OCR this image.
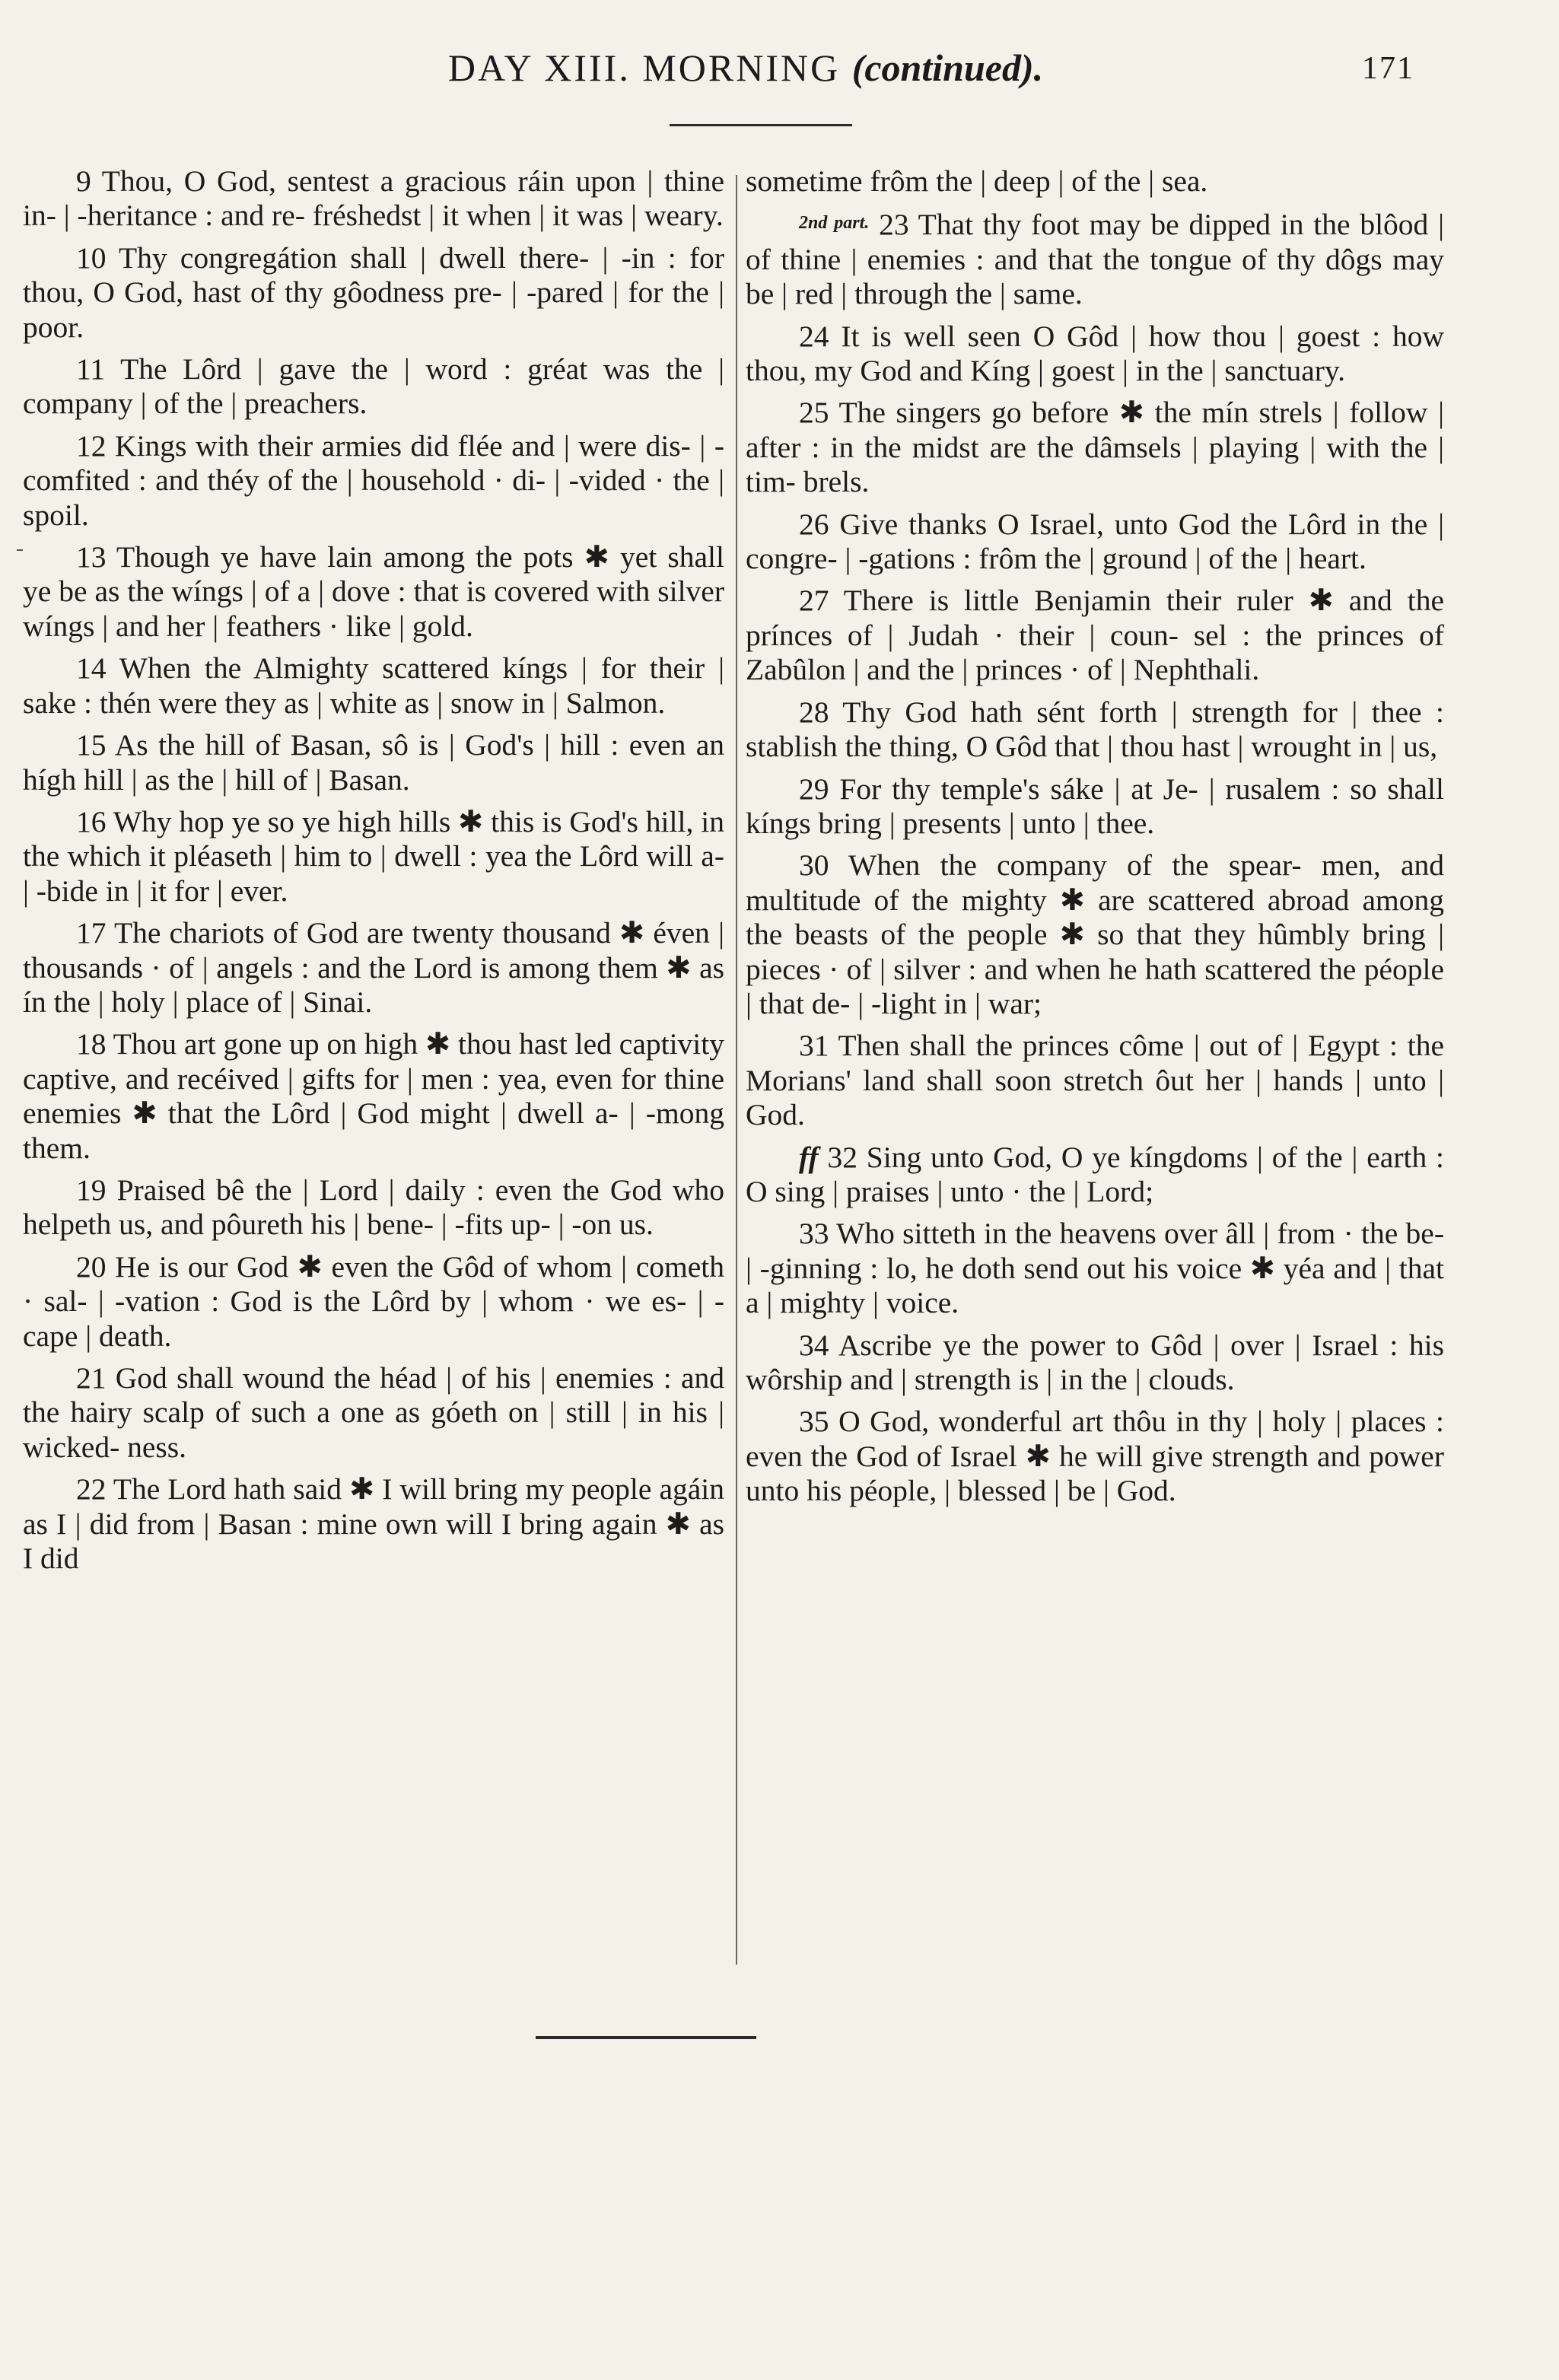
DAY XIII. MORNING (continued).	171

9 Thou, O God, sentest a gracious ráin upon | thine in- | -heritance : and re- fréshedst | it when | it was | weary.

10 Thy congregátion shall | dwell there- | -in : for thou, O God, hast of thy gôodness pre- | -pared | for the | poor.

11 The Lôrd | gave the | word : gréat was the | company | of the | preachers.

12 Kings with their armies did flée and | were dis- | -comfited : and théy of the | household · di- | -vided · the | spoil.

13 Though ye have lain among the pots ✱ yet shall ye be as the wíngs | of a | dove : that is covered with silver wíngs | and her | feathers · like | gold.

14 When the Almighty scattered kíngs | for their | sake : thén were they as | white as | snow in | Salmon.

15 As the hill of Basan, sô is | God's | hill : even an hígh hill | as the | hill of | Basan.

16 Why hop ye so ye high hills ✱ this is God's hill, in the which it pléaseth | him to | dwell : yea the Lôrd will a- | -bide in | it for | ever.

17 The chariots of God are twenty thousand ✱ éven | thousands · of | angels : and the Lord is among them ✱ as ín the | holy | place of | Sinai.

18 Thou art gone up on high ✱ thou hast led captivity captive, and recéived | gifts for | men : yea, even for thine enemies ✱ that the Lôrd | God might | dwell a- | -mong them.

19 Praised bê the | Lord | daily : even the God who helpeth us, and pôureth his | bene- | -fits up- | -on us.

20 He is our God ✱ even the Gôd of whom | cometh · sal- | -vation : God is the Lôrd by | whom · we es- | -cape | death.

21 God shall wound the héad | of his | enemies : and the hairy scalp of such a one as góeth on | still | in his | wicked- ness.

22 The Lord hath said ✱ I will bring my people agáin as I | did from | Basan : mine own will I bring again ✱ as I did

sometime frôm the | deep | of the | sea.

$^{2nd part.}$ 23 That thy foot may be dipped in the blôod | of thine | enemies : and that the tongue of thy dôgs may be | red | through the | same.

24 It is well seen O Gôd | how thou | goest : how thou, my God and Kíng | goest | in the | sanctuary.

25 The singers go before ✱ the mín strels | follow | after : in the midst are the dâmsels | playing | with the | tim- brels.

26 Give thanks O Israel, unto God the Lôrd in the | congre- | -gations : frôm the | ground | of the | heart.

27 There is little Benjamin their ruler ✱ and the prínces of | Judah · their | coun- sel : the princes of Zabûlon | and the | princes · of | Nephthali.

28 Thy God hath sént forth | strength for | thee : stablish the thing, O Gôd that | thou hast | wrought in | us,

29 For thy temple's sáke | at Je- | rusalem : so shall kíngs bring | presents | unto | thee.

30 When the company of the spear- men, and multitude of the mighty ✱ are scattered abroad among the beasts of the people ✱ so that they hûmbly bring | pieces · of | silver : and when he hath scattered the péople | that de- | -light in | war;

31 Then shall the princes côme | out of | Egypt : the Morians' land shall soon stretch ôut her | hands | unto | God.

ff 32 Sing unto God, O ye kíngdoms | of the | earth : O sing | praises | unto · the | Lord;

33 Who sitteth in the heavens over âll | from · the be- | -ginning : lo, he doth send out his voice ✱ yéa and | that a | mighty | voice.

34 Ascribe ye the power to Gôd | over | Israel : his wôrship and | strength is | in the | clouds.

35 O God, wonderful art thôu in thy | holy | places : even the God of Israel ✱ he will give strength and power unto his péople, | blessed | be | God.
